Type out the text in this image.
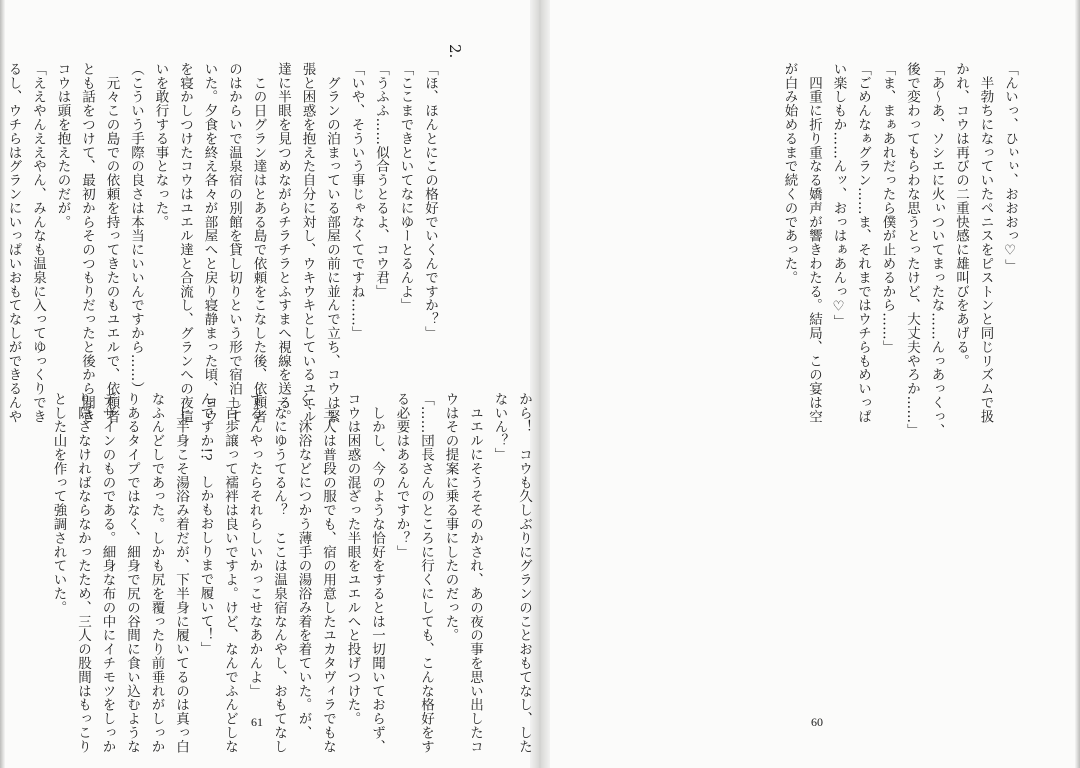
2.

「ほ、ほんとにこの格好でいくんですか？」

「ここまできといてなにゆーとるんよ」

「うふふ……似合うとるよ、コウ君」

「いや、そういう事じゃなくてですね……」

　グランの泊まっている部屋の前に並んで立ち、コウは緊

張と困惑を抱えた自分に対し、ウキウキとしているユエル

達に半眼を見つめながらチラチラとふすまへ視線を送る。

　この日グラン達はとある島で依頼をこなした後、依頼者

のはからいで温泉宿の別館を貸し切りという形で宿泊して

いた。夕食を終え各々が部屋へと戻り寝静まった頃、ヨウ

を寝かしつけたコウはユエル達と合流し、グランへの夜這

いを敢行する事となった。

（こういう手際の良さは本当にいいんですから……）

　元々この島での依頼を持ってきたのもユエルで、依頼者

とも話をつけて、最初からそのつもりだったと後から聞き

コウは頭を抱えたのだが。

「ええやんええやん、みんなも温泉に入ってゆっくりでき

るし、ウチらはグランにいっぱいおもてなしができるんや

から！　コウも久しぶりにグランのことおもてなし、した

ないん？」

　ユエルにそうそそのかされ、あの夜の事を思い出したコ

ウはその提案に乗る事にしたのだった。

「……団長さんのところに行くにしても、こんな格好をす

る必要はあるんですか？」

　しかし、今のような恰好をするとは一切聞いておらず、

コウは困惑の混ざった半眼をユエルへと投げつけた。

　三人は普段の服でも、宿の用意したユカタヴィラでもな

く、沐浴などにつかう薄手の湯浴み着を着ていた。が、

「なにゆうてるん？　ここは温泉宿なんやし、おもてなし

するんやったらそれらしいかっこせなあかんよ」

「百歩譲って襦袢は良いですよ。けど、なんでふんどしな

んですか!?　しかもおしりまで履いて！」

　上半身こそ湯浴み着だが、下半身に履いてるのは真っ白

なふんどしであった。しかも尻を覆ったり前垂れがしっか

りあるタイプではなく、細身で尻の谷間に食い込むような

デザインのものである。細身な布の中にイチモツをしっか

り隠さなければならなかったため、三人の股間はもっこり

とした山を作って強調されていた。

「んいっ、ひぃぃ、おおおっ♡」

　半勃ちになっていたペニスをピストンと同じリズムで扱

かれ、コウは再びの二重快感に雄叫びをあげる。

「あ～あ、ソシエに火ぃついてまったな……んっあっくっ、

後で変わってもらわな思うとったけど、大丈夫やろか……」

「ま、まぁあれだったら僕が止めるから……」

「ごめんなぁグラン……ま、それまではウチらもめいっぱ

い楽しもか……んッ、おっはぁあんっ♡」

　四重に折り重なる嬌声が響きわたる。結局、この宴は空

が白み始めるまで続くのであった。

61	60
